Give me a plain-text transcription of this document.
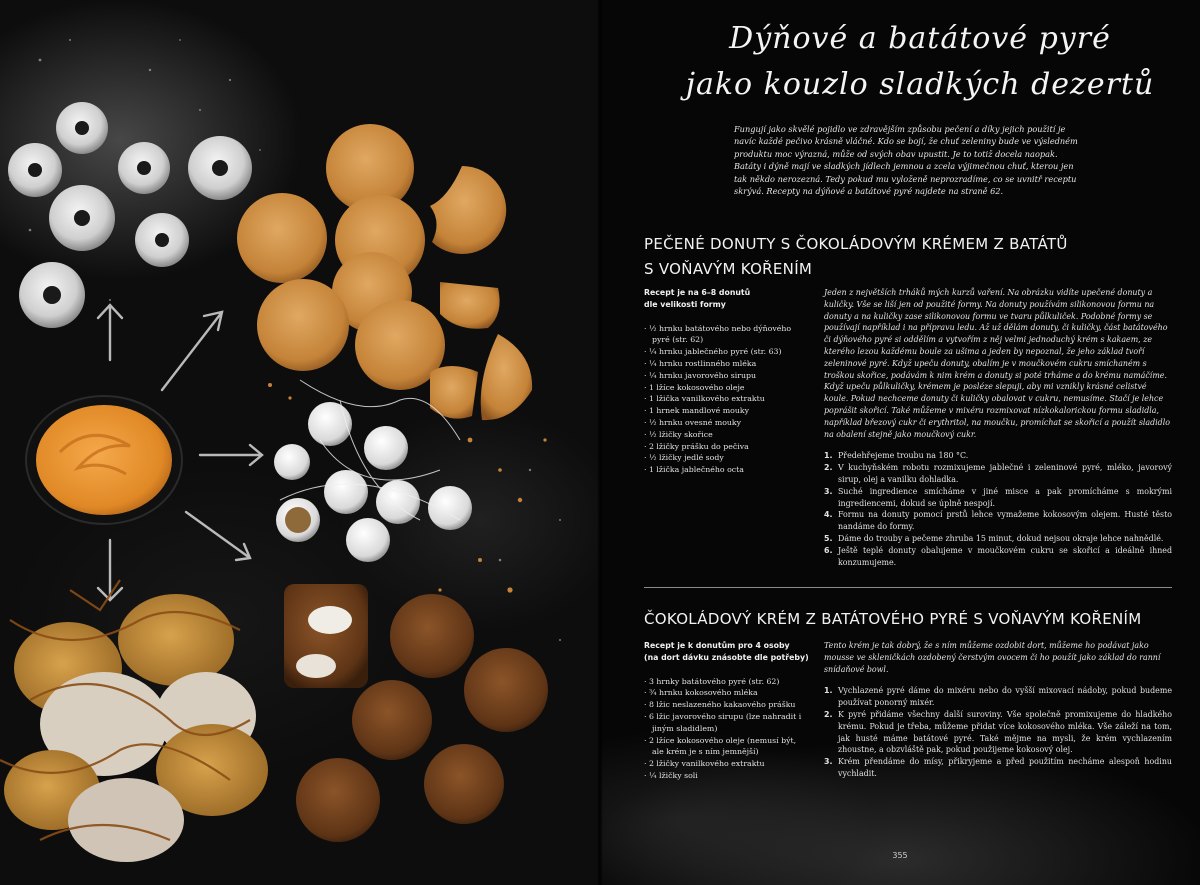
Dýňové a batátové pyré
jako kouzlo sladkých dezertů
Fungují jako skvělé pojidlo ve zdravějším způsobu pečení a díky jejich použití je navíc každé pečivo krásně vláčné. Kdo se bojí, že chuť zeleniny bude ve výsledném produktu moc výrazná, může od svých obav upustit. Je to totiž docela naopak. Batáty i dýně mají ve sladkých jídlech jemnou a zcela výjimečnou chuť, kterou jen tak někdo nerozezná. Tedy pokud mu vyloženě neprozradíme, co se uvnitř receptu skrývá. Recepty na dýňové a batátové pyré najdete na straně 62.
PEČENÉ DONUTY S ČOKOLÁDOVÝM KRÉMEM Z BATÁTŮ
S VOŇAVÝM KOŘENÍM
Recept je na 6–8 donutů
dle velikosti formy
· ½ hrnku batátového nebo dýňového pyré (str. 62)
· ¼ hrnku jablečného pyré (str. 63)
· ¼ hrnku rostlinného mléka
· ¼ hrnku javorového sirupu
· 1 lžíce kokosového oleje
· 1 lžička vanilkového extraktu
· 1 hrnek mandlové mouky
· ½ hrnku ovesné mouky
· ½ lžičky skořice
· 2 lžičky prášku do pečiva
· ½ lžičky jedlé sody
· 1 lžička jablečného octa
Jeden z největších trháků mých kurzů vaření. Na obrázku vidíte upečené donuty a kuličky. Vše se liší jen od použité formy. Na donuty používám silikonovou formu na donuty a na kuličky zase silikonovou formu ve tvaru půlkuliček. Podobné formy se používají například i na přípravu ledu. Až už dělám donuty, či kuličky, část batátového či dýňového pyré si oddělím a vytvořím z něj velmi jednoduchý krém s kakaem, ze kterého lezou každému boule za ušima a jeden by nepoznal, že jeho základ tvoří zeleninové pyré. Když upeču donuty, obalím je v moučkovém cukru smíchaném s troškou skořice, podávám k nim krém a donuty si poté trháme a do krému namáčíme. Když upeču půlkuličky, krémem je posléze slepuji, aby mi vznikly krásné celistvé koule. Pokud nechceme donuty či kuličky obalovat v cukru, nemusíme. Stačí je lehce poprášit skořicí. Také můžeme v mixéru rozmixovat nízkokalorickou formu sladidla, například březový cukr či erythritol, na moučku, promíchat se skořicí a použít sladidlo na obalení stejně jako moučkový cukr.
1. Předehřejeme troubu na 180 °C.
2. V kuchyňském robotu rozmixujeme jablečné i zeleninové pyré, mléko, javorový sirup, olej a vanilku dohladka.
3. Suché ingredience smícháme v jiné misce a pak promícháme s mokrými ingrediencemi, dokud se úplně nespojí.
4. Formu na donuty pomocí prstů lehce vymažeme kokosovým olejem. Husté těsto nandáme do formy.
5. Dáme do trouby a pečeme zhruba 15 minut, dokud nejsou okraje lehce nahnědlé.
6. Ještě teplé donuty obalujeme v moučkovém cukru se skořicí a ideálně ihned konzumujeme.
ČOKOLÁDOVÝ KRÉM Z BATÁTOVÉHO PYRÉ S VOŇAVÝM KOŘENÍM
Recept je k donutům pro 4 osoby
(na dort dávku znásobte dle potřeby)
· 3 hrnky batátového pyré (str. 62)
· ¾ hrnku kokosového mléka
· 8 lžic neslazeného kakaového prášku
· 6 lžic javorového sirupu (lze nahradit i jiným sladidlem)
· 2 lžíce kokosového oleje (nemusí být, ale krém je s ním jemnější)
· 2 lžičky vanilkového extraktu
· ¼ lžičky soli
Tento krém je tak dobrý, že s ním můžeme ozdobit dort, můžeme ho podávat jako mousse ve skleničkách ozdobený čerstvým ovocem či ho použít jako základ do ranní snídaňové bowl.
1. Vychlazené pyré dáme do mixéru nebo do vyšší mixovací nádoby, pokud budeme používat ponorný mixér.
2. K pyré přidáme všechny další suroviny. Vše společně promixujeme do hladkého krému. Pokud je třeba, můžeme přidat více kokosového mléka. Vše záleží na tom, jak husté máme batátové pyré. Také mějme na mysli, že krém vychlazením zhoustne, a obzvláště pak, pokud použijeme kokosový olej.
3. Krém přendáme do mísy, přikryjeme a před použitím necháme alespoň hodinu vychladit.
355
